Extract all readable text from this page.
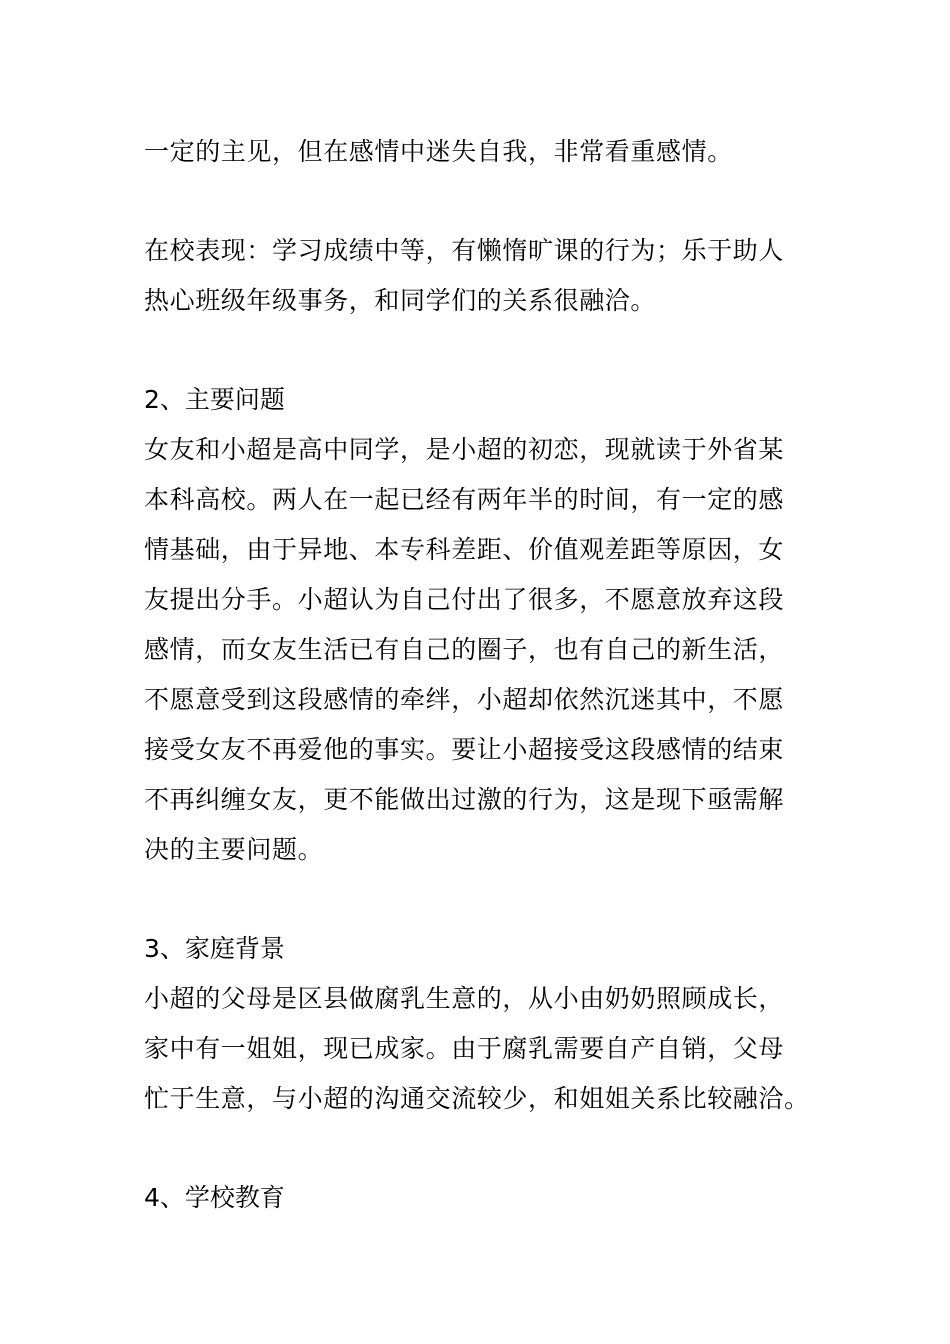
一定的主见，但在感情中迷失自我，非常看重感情。
在校表现：学习成绩中等，有懒惰旷课的行为；乐于助人
热心班级年级事务，和同学们的关系很融洽。
2、主要问题
女友和小超是高中同学，是小超的初恋，现就读于外省某
本科高校。两人在一起已经有两年半的时间，有一定的感
情基础，由于异地、本专科差距、价值观差距等原因，女
友提出分手。小超认为自己付出了很多，不愿意放弃这段
感情，而女友生活已有自己的圈子，也有自己的新生活，
不愿意受到这段感情的牵绊，小超却依然沉迷其中，不愿
接受女友不再爱他的事实。要让小超接受这段感情的结束
不再纠缠女友，更不能做出过激的行为，这是现下亟需解
决的主要问题。
3、家庭背景
小超的父母是区县做腐乳生意的，从小由奶奶照顾成长，
家中有一姐姐，现已成家。由于腐乳需要自产自销，父母
忙于生意，与小超的沟通交流较少，和姐姐关系比较融洽。
4、学校教育
